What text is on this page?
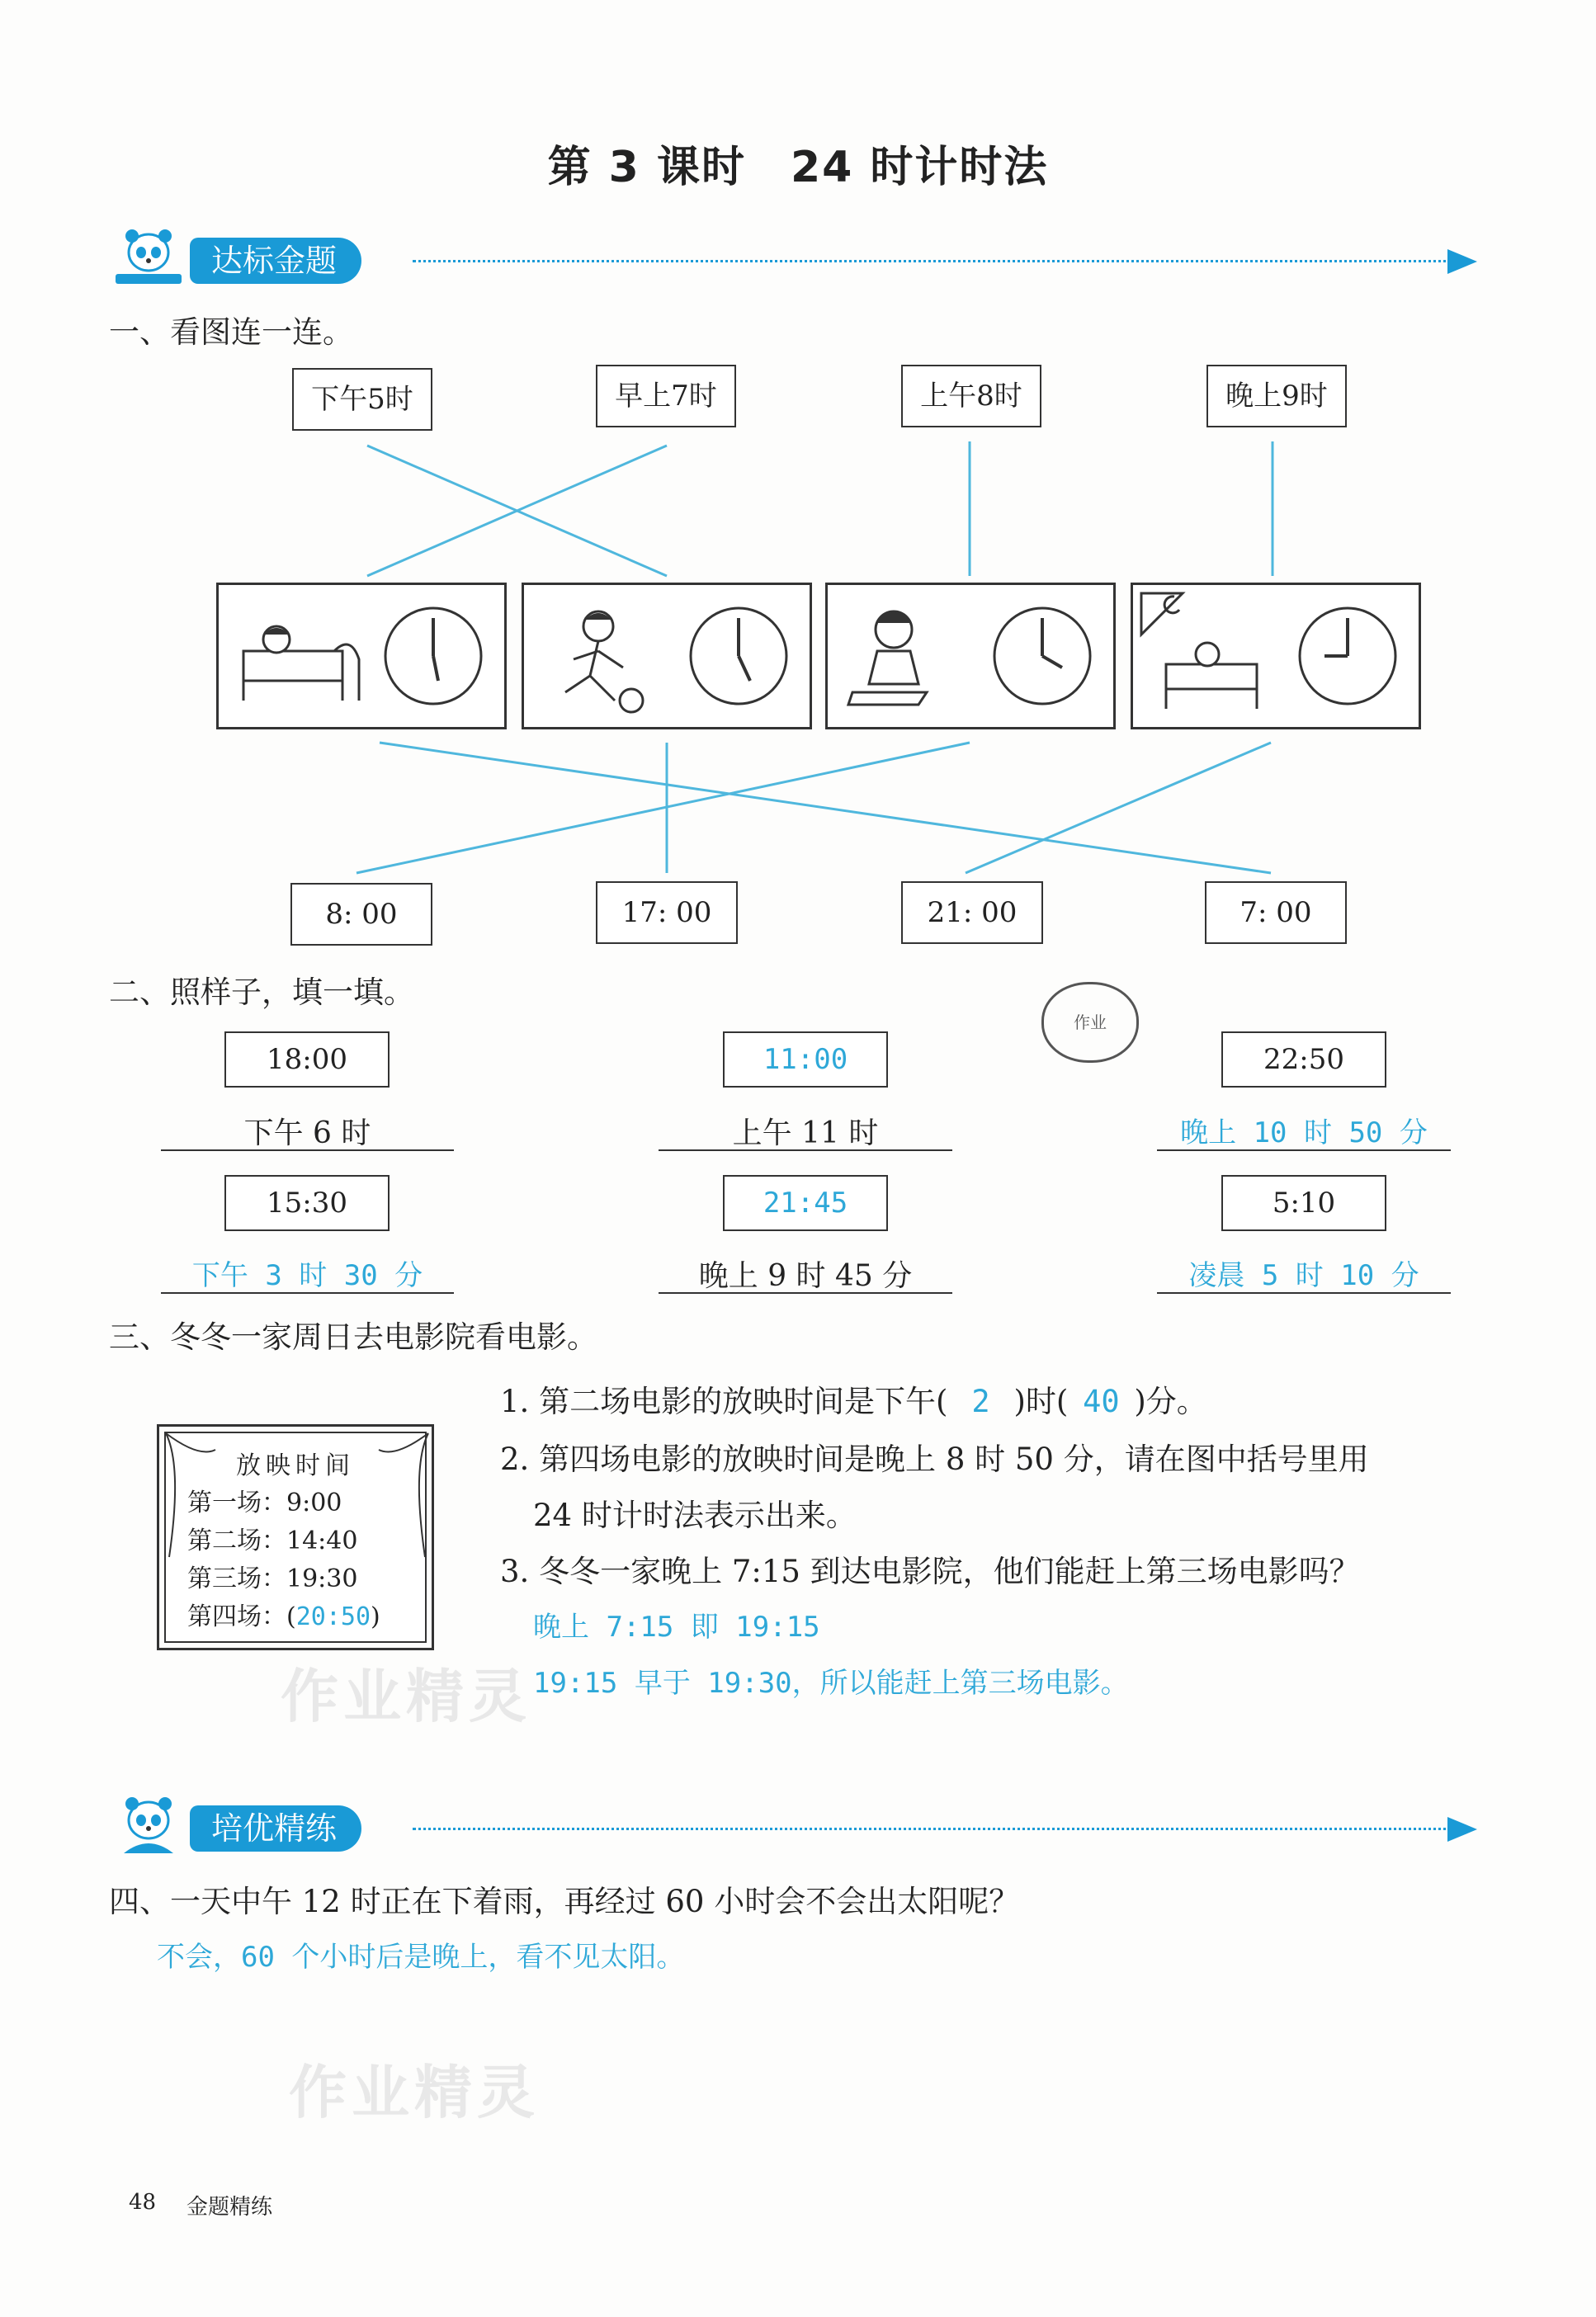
第 3 课时　24 时计时法
达标金题
一、看图连一连。
下午5时	早上7时	上午8时	晚上9时
8: 00	17: 00	21: 00	7: 00
二、照样子，填一填。
作业
18:00
下午 6 时
11:00
上午 11 时
22:50
晚上 10 时 50 分
15:30
下午 3 时 30 分
21:45
晚上 9 时 45 分
5:10
凌晨 5 时 10 分
三、冬冬一家周日去电影院看电影。
放映时间
第一场：9:00
第二场：14:40
第三场：19:30
第四场：(20:50)
1. 第二场电影的放映时间是下午( 2 )时( 40 )分。
2. 第四场电影的放映时间是晚上 8 时 50 分，请在图中括号里用
24 时计时法表示出来。
3. 冬冬一家晚上 7:15 到达电影院，他们能赶上第三场电影吗？
晚上 7:15 即 19:15
19:15 早于 19:30，所以能赶上第三场电影。
作业精灵
培优精练
四、一天中午 12 时正在下着雨，再经过 60 小时会不会出太阳呢？
不会，60 个小时后是晚上，看不见太阳。
作业精灵
48 金题精练
